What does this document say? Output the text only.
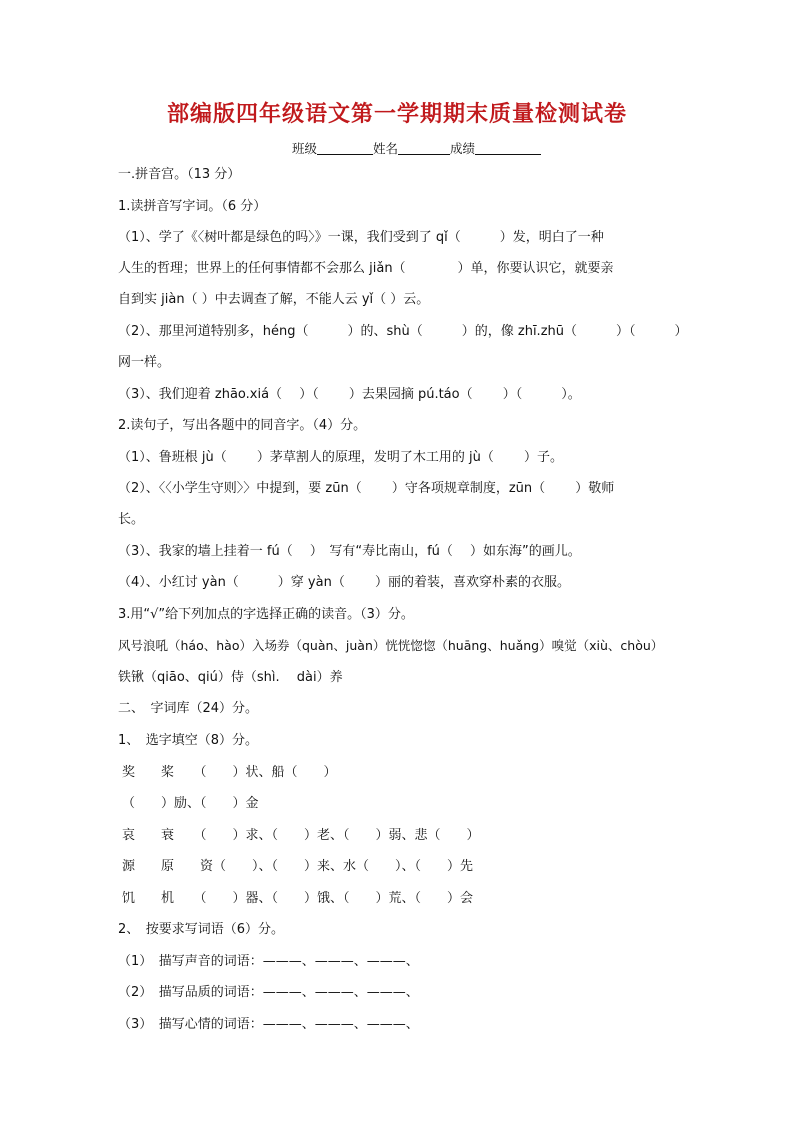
部编版四年级语文第一学期期末质量检测试卷
班级	姓名	成绩
一.拼音宫。（13 分）
1.读拼音写字词。（6 分）
（1）、学了《〈树叶都是绿色的吗〉》一课，我们受到了 qǐ（　　　）发，明白了一种
人生的哲理；世界上的任何事情都不会那么 jiǎn（　　　　）单，你要认识它，就要亲
自到实 jiàn（ ）中去调查了解，不能人云 yǐ（ ）云。
（2）、那里河道特别多，héng（　　　）的、shù（　　　）的，像 zhī.zhū（　　　）（　　　）
网一样。
（3）、我们迎着 zhāo.xiá（　 ）（　　 ）去果园摘 pú.táo（　　 ）（　　　）。
2.读句子，写出各题中的同音字。（4）分。
（1）、鲁班根 jù（　　 ）茅草割人的原理，发明了木工用的 jù（　　 ）子。
（2）、〈〈小学生守则〉〉中提到，要 zūn（　　 ）守各项规章制度，zūn（　　 ）敬师
长。
（3）、我家的墙上挂着一 fú（　 ）　写有“寿比南山，fú（　 ）如东海”的画儿。
（4）、小红讨 yàn（　　　）穿 yàn（　　 ）丽的着装，喜欢穿朴素的衣服。
3.用“√”给下列加点的字选择正确的读音。（3）分。
风号浪吼（háo、hào）入场券（quàn、juàn）恍恍惚惚（huāng、huǎng）嗅觉（xiù、chòu）
铁锹（qiāo、qiú）侍（shì.　 dài）养
二、　字词库（24）分。
1、　选字填空（8）分。
奖　　桨　　（　　）状、船（　　）
（　　）励、（　　）金
哀　　衰　　（　　）求、（　　）老、（　　）弱、悲（　　）
源　　原　　资（　　）、（　　）来、水（　　）、（　　）先
饥　　机　　（　　）器、（　　）饿、（　　）荒、（　　）会
2、　按要求写词语（6）分。
（1）　描写声音的词语：———、———、———、
（2）　描写品质的词语：———、———、———、
（3）　描写心情的词语：———、———、———、
